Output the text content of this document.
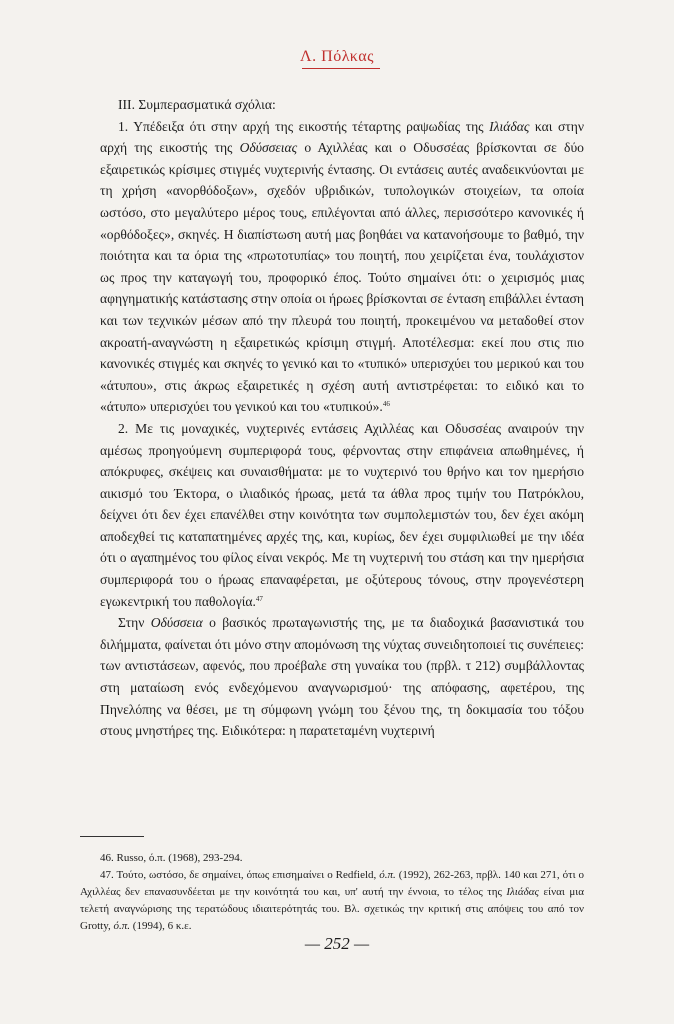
Λ. Πόλκας

III. Συμπερασματικά σχόλια:

1. Υπέδειξα ότι στην αρχή της εικοστής τέταρτης ραψωδίας της Ιλιάδας και στην αρχή της εικοστής της Οδύσσειας ο Αχιλλέας και ο Οδυσσέας βρίσκονται σε δύο εξαιρετικώς κρίσιμες στιγμές νυχτερινής έντασης. Οι εντάσεις αυτές αναδεικνύονται με τη χρήση «ανορθόδοξων», σχεδόν υβριδικών, τυπολογικών στοιχείων, τα οποία ωστόσο, στο μεγαλύτερο μέρος τους, επιλέγονται από άλλες, περισσότερο κανονικές ή «ορθόδοξες», σκηνές. Η διαπίστωση αυτή μας βοηθάει να κατανοήσουμε το βαθμό, την ποιότητα και τα όρια της «πρωτοτυπίας» του ποιητή, που χειρίζεται ένα, τουλάχιστον ως προς την καταγωγή του, προφορικό έπος. Τούτο σημαίνει ότι: ο χειρισμός μιας αφηγηματικής κατάστασης στην οποία οι ήρωες βρίσκονται σε ένταση επιβάλλει ένταση και των τεχνικών μέσων από την πλευρά του ποιητή, προκειμένου να μεταδοθεί στον ακροατή-αναγνώστη η εξαιρετικώς κρίσιμη στιγμή. Αποτέλεσμα: εκεί που στις πιο κανονικές στιγμές και σκηνές το γενικό και το «τυπικό» υπερισχύει του μερικού και του «άτυπου», στις άκρως εξαιρετικές η σχέση αυτή αντιστρέφεται: το ειδικό και το «άτυπο» υπερισχύει του γενικού και του «τυπικού».$^{46}$

2. Με τις μοναχικές, νυχτερινές εντάσεις Αχιλλέας και Οδυσσέας αναιρούν την αμέσως προηγούμενη συμπεριφορά τους, φέρνοντας στην επιφάνεια απωθημένες, ή απόκρυφες, σκέψεις και συναισθήματα: με το νυχτερινό του θρήνο και τον ημερήσιο αικισμό του Έκτορα, ο ιλιαδικός ήρωας, μετά τα άθλα προς τιμήν του Πατρόκλου, δείχνει ότι δεν έχει επανέλθει στην κοινότητα των συμπολεμιστών του, δεν έχει ακόμη αποδεχθεί τις καταπατημένες αρχές της, και, κυρίως, δεν έχει συμφιλιωθεί με την ιδέα ότι ο αγαπημένος του φίλος είναι νεκρός. Με τη νυχτερινή του στάση και την ημερήσια συμπεριφορά του ο ήρωας επαναφέρεται, με οξύτερους τόνους, στην προγενέστερη εγωκεντρική του παθολογία.$^{47}$

Στην Οδύσσεια ο βασικός πρωταγωνιστής της, με τα διαδοχικά βασανιστικά του διλήμματα, φαίνεται ότι μόνο στην απομόνωση της νύχτας συνειδητοποιεί τις συνέπειες: των αντιστάσεων, αφενός, που προέβαλε στη γυναίκα του (πρβλ. τ 212) συμβάλλοντας στη ματαίωση ενός ενδεχόμενου αναγνωρισμού· της απόφασης, αφετέρου, της Πηνελόπης να θέσει, με τη σύμφωνη γνώμη του ξένου της, τη δοκιμασία του τόξου στους μνηστήρες της. Ειδικότερα: η παρατεταμένη νυχτερινή

46. Russo, ό.π. (1968), 293-294.

47. Τούτο, ωστόσο, δε σημαίνει, όπως επισημαίνει ο Redfield, ό.π. (1992), 262-263, πρβλ. 140 και 271, ότι ο Αχιλλέας δεν επανασυνδέεται με την κοινότητά του και, υπ' αυτή την έννοια, το τέλος της Ιλιάδας είναι μια τελετή αναγνώρισης της τερατώδους ιδιαιτερότητάς του. Βλ. σχετικώς την κριτική στις απόψεις του από τον Grotty, ό.π. (1994), 6 κ.ε.

— 252 —
